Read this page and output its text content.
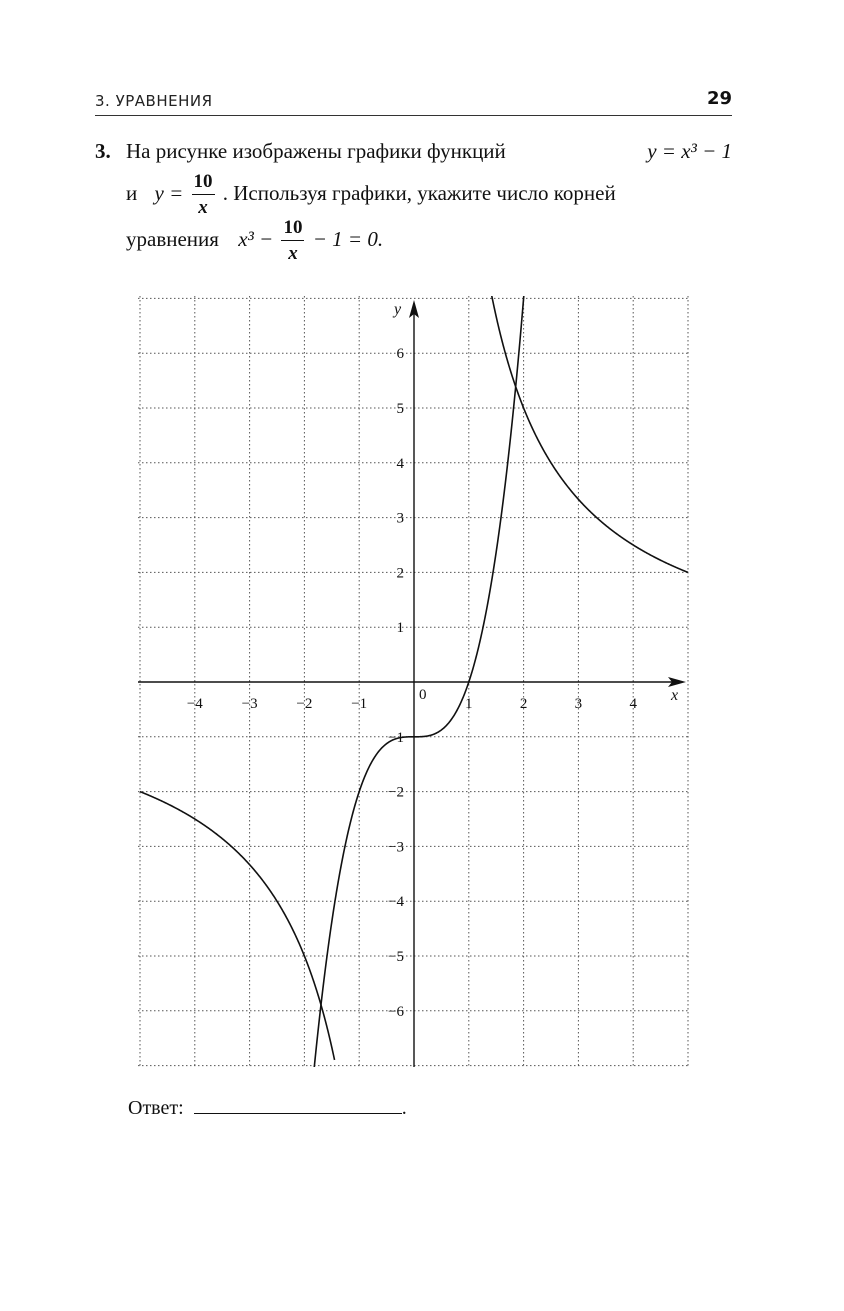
3. УРАВНЕНИЯ	29
3. На рисунке изображены графики функций	y = x³ − 1
и $y = \frac{10}{x}$ . Используя графики, укажите число корней
уравнения $x^3 - \frac{10}{x} - 1 = 0$.
x
y
0
−4	−3	−2	−1	1	2	3	4
6
5
4
3
2
1
−1
−2
−3
−4
−5
−6
Ответ:	.
